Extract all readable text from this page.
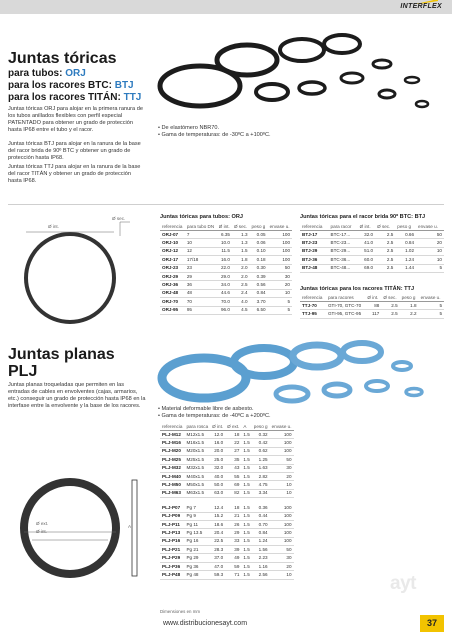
INTERFLEX
Juntas tóricas
para tubos: ORJ
para los racores BTC: BTJ
para los racores TITÁN: TTJ
Juntas tóricas ORJ para alojar en la primera ranura de los tubos anillados flexibles con perfil especial PATENTADO para obtener un grado de protección hasta IP68 entre el tubo y el racor.
Juntas tóricas BTJ para alojar en la ranura de la base del racor brida de 90º BTC y obtener un grado de protección hasta IP68.
Juntas tóricas TTJ para alojar en la ranura de la base del racor TITÁN y obtener un grado de protección hasta IP68.
• De elastómero NBR70.
• Gama de temperaturas: de -30ºC a +100ºC.
Ø int.
Ø sec.	Juntas tóricas para tubos: ORJ
referencia	para tubo DN	Ø int.	Ø sec.	peso g	envase u.
ORJ-07	7	6.35	1.3	0.05	100
ORJ-10	10	10.0	1.3	0.06	100
ORJ-12	12	11.5	1.5	0.10	100
ORJ-17	17/18	16.0	1.8	0.18	100
ORJ-23	23	22.0	2.0	0.30	50
ORJ-29	29	29.0	2.0	0.39	30
ORJ-36	36	34.0	2.5	0.56	20
ORJ-48	48	44.6	2.4	0.84	10
ORJ-70	70	70.0	4.0	3.70	5
ORJ-95	95	96.0	4.5	6.50	5
Juntas tóricas para el racor brida 90º BTC: BTJ
referencia	para racor	Ø int.	Ø sec.	peso g	envase u.
BTJ-17	BTC-17...	32.0	2.5	0.66	50
BTJ-23	BTC-23...	41.0	2.5	0.84	20
BTJ-29	BTC-29...	51.0	2.5	1.02	10
BTJ-36	BTC-36...	60.0	2.5	1.24	10
BTJ-48	BTC-48...	69.0	2.5	1.44	5
Juntas tóricas para los racores TITÁN: TTJ
referencia	para racores	Ø int.	Ø sec.	peso g	envase u.
TTJ-70	GTI-70, GTC-70	88	2.5	1.8	5
TTJ-95	GTI-95, GTC-95	117	2.5	2.2	5
Juntas planas
PLJ
Juntas planas troqueladas que permiten en las entradas de cables en envolventes (cajas, armarios, etc.) conseguir un grado de protección hasta IP68 en la interfase entre la envolvente y la base de los racores.	• Material deformable libre de asbesto.
• Gama de temperaturas: de -40ºC a +200ºC.
Ø ext.
Ø int.
A
referencia	para rosca	Ø int.	Ø ext.	A	peso g	envase u.
PLJ-M12	M12x1.5	12.0	18	1.5	0.32	100
PLJ-M16	M16x1.5	16.0	22	1.5	0.42	100
PLJ-M20	M20x1.5	20.0	27	1.5	0.62	100
PLJ-M25	M25x1.5	25.0	35	1.5	1.25	50
PLJ-M32	M32x1.5	32.0	43	1.5	1.63	30
PLJ-M40	M40x1.5	40.0	55	1.5	2.82	20
PLJ-M50	M50x1.5	50.0	69	1.5	4.75	10
PLJ-M63	M63x1.5	63.0	82	1.5	3.34	10

PLJ-P07	Pg 7	12.4	18	1.5	0.36	100
PLJ-P09	Pg 9	15.2	21	1.5	0.44	100
PLJ-P11	Pg 11	18.6	26	1.5	0.70	100
PLJ-P13	Pg 13.5	20.4	29	1.5	0.84	100
PLJ-P16	Pg 16	22.5	33	1.5	1.24	100
PLJ-P21	Pg 21	28.3	39	1.5	1.56	50
PLJ-P29	Pg 29	37.0	49	1.5	2.23	30
PLJ-P36	Pg 36	47.0	59	1.5	1.16	20
PLJ-P48	Pg 48	59.3	71	1.5	2.56	10
Dimensiones en mm
ayt
www.distribucionesayt.com	37
